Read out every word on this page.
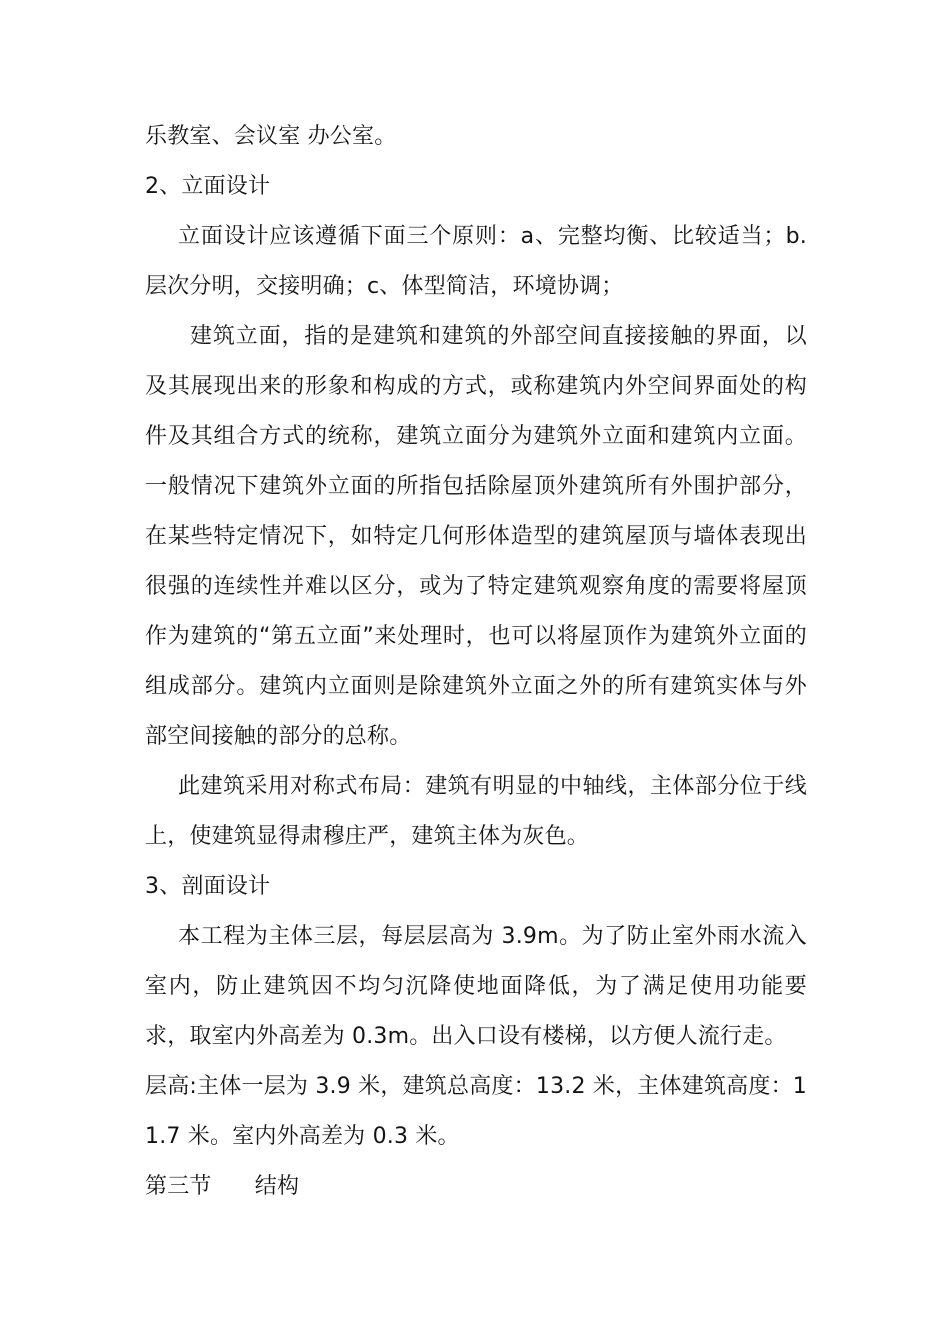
乐教室、会议室 办公室。

2、立面设计

立面设计应该遵循下面三个原则：a、完整均衡、比较适当；b.层次分明，交接明确；c、体型简洁，环境协调；

建筑立面，指的是建筑和建筑的外部空间直接接触的界面，以及其展现出来的形象和构成的方式，或称建筑内外空间界面处的构件及其组合方式的统称，建筑立面分为建筑外立面和建筑内立面。 一般情况下建筑外立面的所指包括除屋顶外建筑所有外围护部分，在某些特定情况下，如特定几何形体造型的建筑屋顶与墙体表现出很强的连续性并难以区分，或为了特定建筑观察角度的需要将屋顶作为建筑的“第五立面”来处理时，也可以将屋顶作为建筑外立面的组成部分。建筑内立面则是除建筑外立面之外的所有建筑实体与外部空间接触的部分的总称。

此建筑采用对称式布局：建筑有明显的中轴线，主体部分位于线上，使建筑显得肃穆庄严，建筑主体为灰色。

3、剖面设计

本工程为主体三层，每层层高为 3.9m。为了防止室外雨水流入室内，防止建筑因不均匀沉降使地面降低，为了满足使用功能要求，取室内外高差为 0.3m。出入口设有楼梯，以方便人流行走。

层高:主体一层为 3.9 米，建筑总高度：13.2 米，主体建筑高度：11.7 米。室内外高差为 0.3 米。

第三节      结构
